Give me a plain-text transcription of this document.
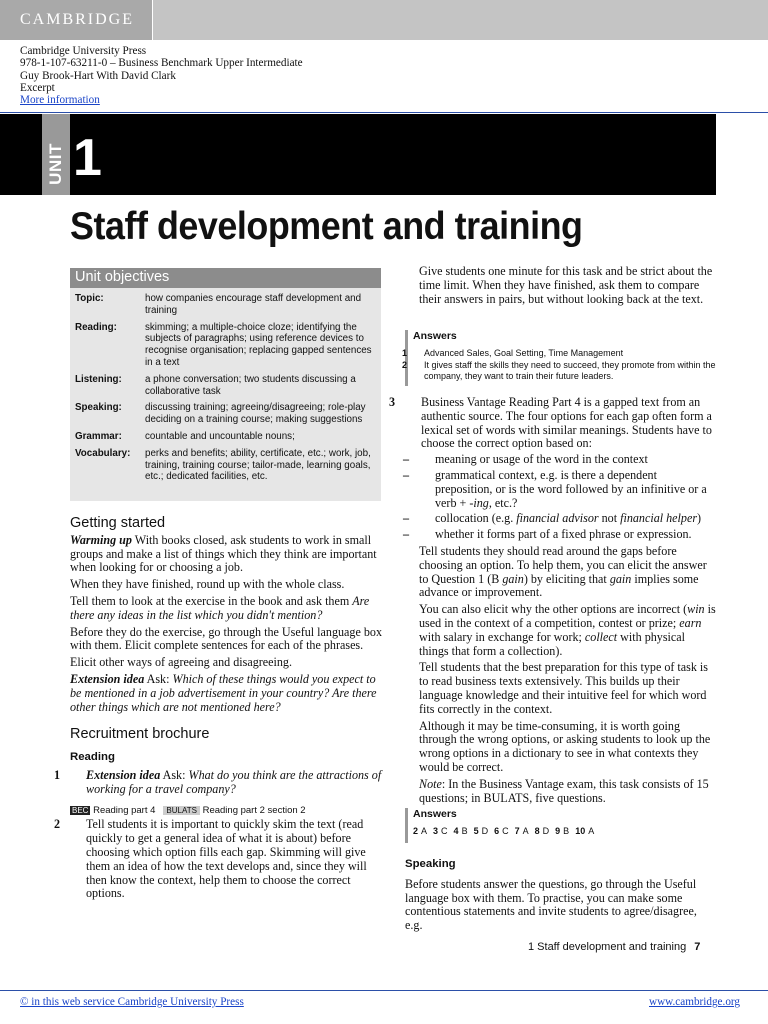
CAMBRIDGE
Cambridge University Press
978-1-107-63211-0 – Business Benchmark Upper Intermediate
Guy Brook-Hart With David Clark
Excerpt
More information
UNIT 1
Staff development and training
Unit objectives
Topic:	how companies encourage staff development and training
Reading:	skimming; a multiple-choice cloze; identifying the subjects of paragraphs; using reference devices to recognise organisation; replacing gapped sentences in a text
Listening:	a phone conversation; two students discussing a collaborative task
Speaking:	discussing training; agreeing/disagreeing; role-play deciding on a training course; making suggestions
Grammar:	countable and uncountable nouns;
Vocabulary:	perks and benefits; ability, certificate, etc.; work, job, training, training course; tailor-made, learning goals, etc.; dedicated facilities, etc.
Getting started

Warming up With books closed, ask students to work in small groups and make a list of things which they think are important when looking for or choosing a job.

When they have finished, round up with the whole class.

Tell them to look at the exercise in the book and ask them Are there any ideas in the list which you didn't mention?

Before they do the exercise, go through the Useful language box with them. Elicit complete sentences for each of the phrases.

Elicit other ways of agreeing and disagreeing.

Extension idea Ask: Which of these things would you expect to be mentioned in a job advertisement in your country? Are there other things which are not mentioned here?

Recruitment brochure
Reading

1 Extension idea Ask: What do you think are the attractions of working for a travel company?

BEC Reading part 4 BULATS Reading part 2 section 2

2 Tell students it is important to quickly skim the text (read quickly to get a general idea of what it is about) before choosing which option fills each gap. Skimming will give them an idea of how the text develops and, since they will then know the context, help them to choose the correct options.

Give students one minute for this task and be strict about the time limit. When they have finished, ask them to compare their answers in pairs, but without looking back at the text.

Answers
1 Advanced Sales, Goal Setting, Time Management
2 It gives staff the skills they need to succeed, they promote from within the company, they want to train their future leaders.

3 Business Vantage Reading Part 4 is a gapped text from an authentic source. The four options for each gap often form a lexical set of words with similar meanings. Students have to choose the correct option based on:

– meaning or usage of the word in the context

– grammatical context, e.g. is there a dependent preposition, or is the word followed by an infinitive or a verb + -ing, etc.?

– collocation (e.g. financial advisor not financial helper)

– whether it forms part of a fixed phrase or expression.

Tell students they should read around the gaps before choosing an option. To help them, you can elicit the answer to Question 1 (B gain) by eliciting that gain implies some advance or improvement.

You can also elicit why the other options are incorrect (win is used in the context of a competition, contest or prize; earn with salary in exchange for work; collect with physical things that form a collection).

Tell students that the best preparation for this type of task is to read business texts extensively. This builds up their language knowledge and their intuitive feel for which word fits correctly in the context.

Although it may be time-consuming, it is worth going through the wrong options, or asking students to look up the wrong options in a dictionary to see in what contexts they would be correct.

Note: In the Business Vantage exam, this task consists of 15 questions; in BULATS, five questions.

Answers
2 A 3 C 4 B 5 D 6 C 7 A 8 D 9 B 10 A
Speaking

Before students answer the questions, go through the Useful language box with them. To practise, you can make some contentious statements and invite students to agree/disagree, e.g.

1 Staff development and training 7
© in this web service Cambridge University Press	www.cambridge.org
